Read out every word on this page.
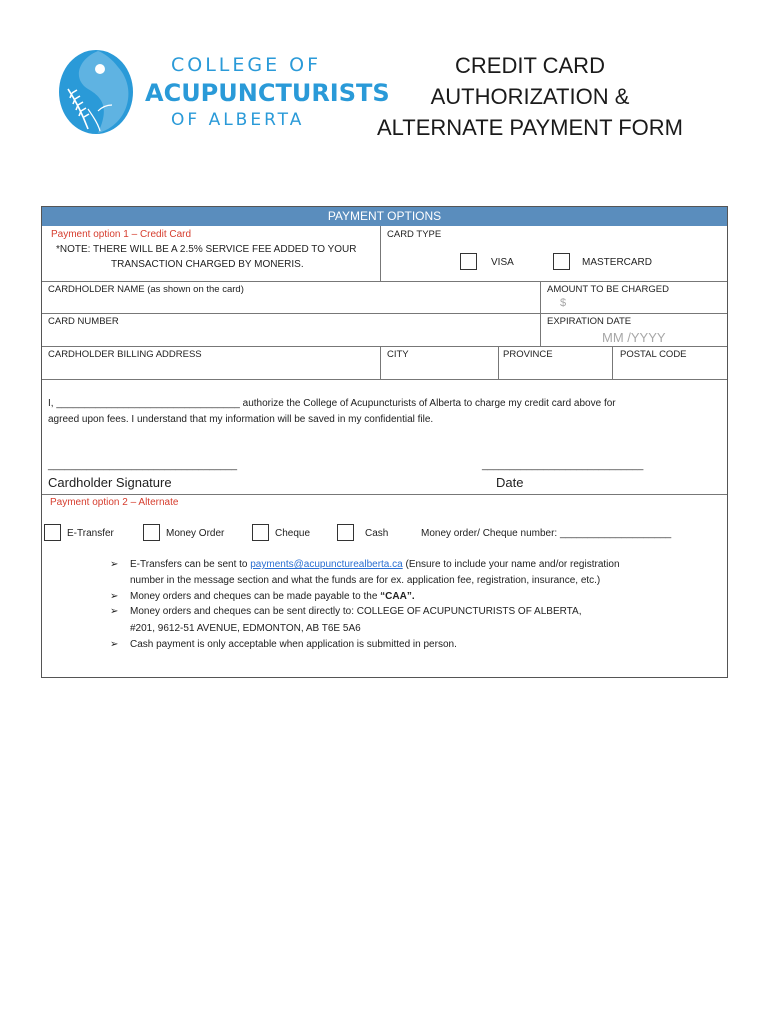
COLLEGE OF
ACUPUNCTURISTS
OF ALBERTA
CREDIT CARD
AUTHORIZATION &
ALTERNATE PAYMENT FORM
PAYMENT OPTIONS
Payment option 1 – Credit Card
*NOTE: THERE WILL BE A 2.5% SERVICE FEE ADDED TO YOUR
TRANSACTION CHARGED BY MONERIS.
CARD TYPE
VISA	MASTERCARD
CARDHOLDER NAME (as shown on the card)	AMOUNT TO BE CHARGED
$
CARD NUMBER	EXPIRATION DATE
MM /YYYY
CARDHOLDER BILLING ADDRESS	CITY	PROVINCE	POSTAL CODE
I, _________________________________ authorize the College of Acupuncturists of Alberta to charge my credit card above for
agreed upon fees. I understand that my information will be saved in my confidential file.
__________________________________	_____________________________
Cardholder Signature	Date
Payment option 2 – Alternate
E-Transfer	Money Order	Cheque	Cash	Money order/ Cheque number: ____________________
➢ E-Transfers can be sent to payments@acupuncturealberta.ca (Ensure to include your name and/or registration
number in the message section and what the funds are for ex. application fee, registration, insurance, etc.)
➢ Money orders and cheques can be made payable to the “CAA”.
➢ Money orders and cheques can be sent directly to: COLLEGE OF ACUPUNCTURISTS OF ALBERTA,
#201, 9612-51 AVENUE, EDMONTON, AB T6E 5A6
➢ Cash payment is only acceptable when application is submitted in person.
